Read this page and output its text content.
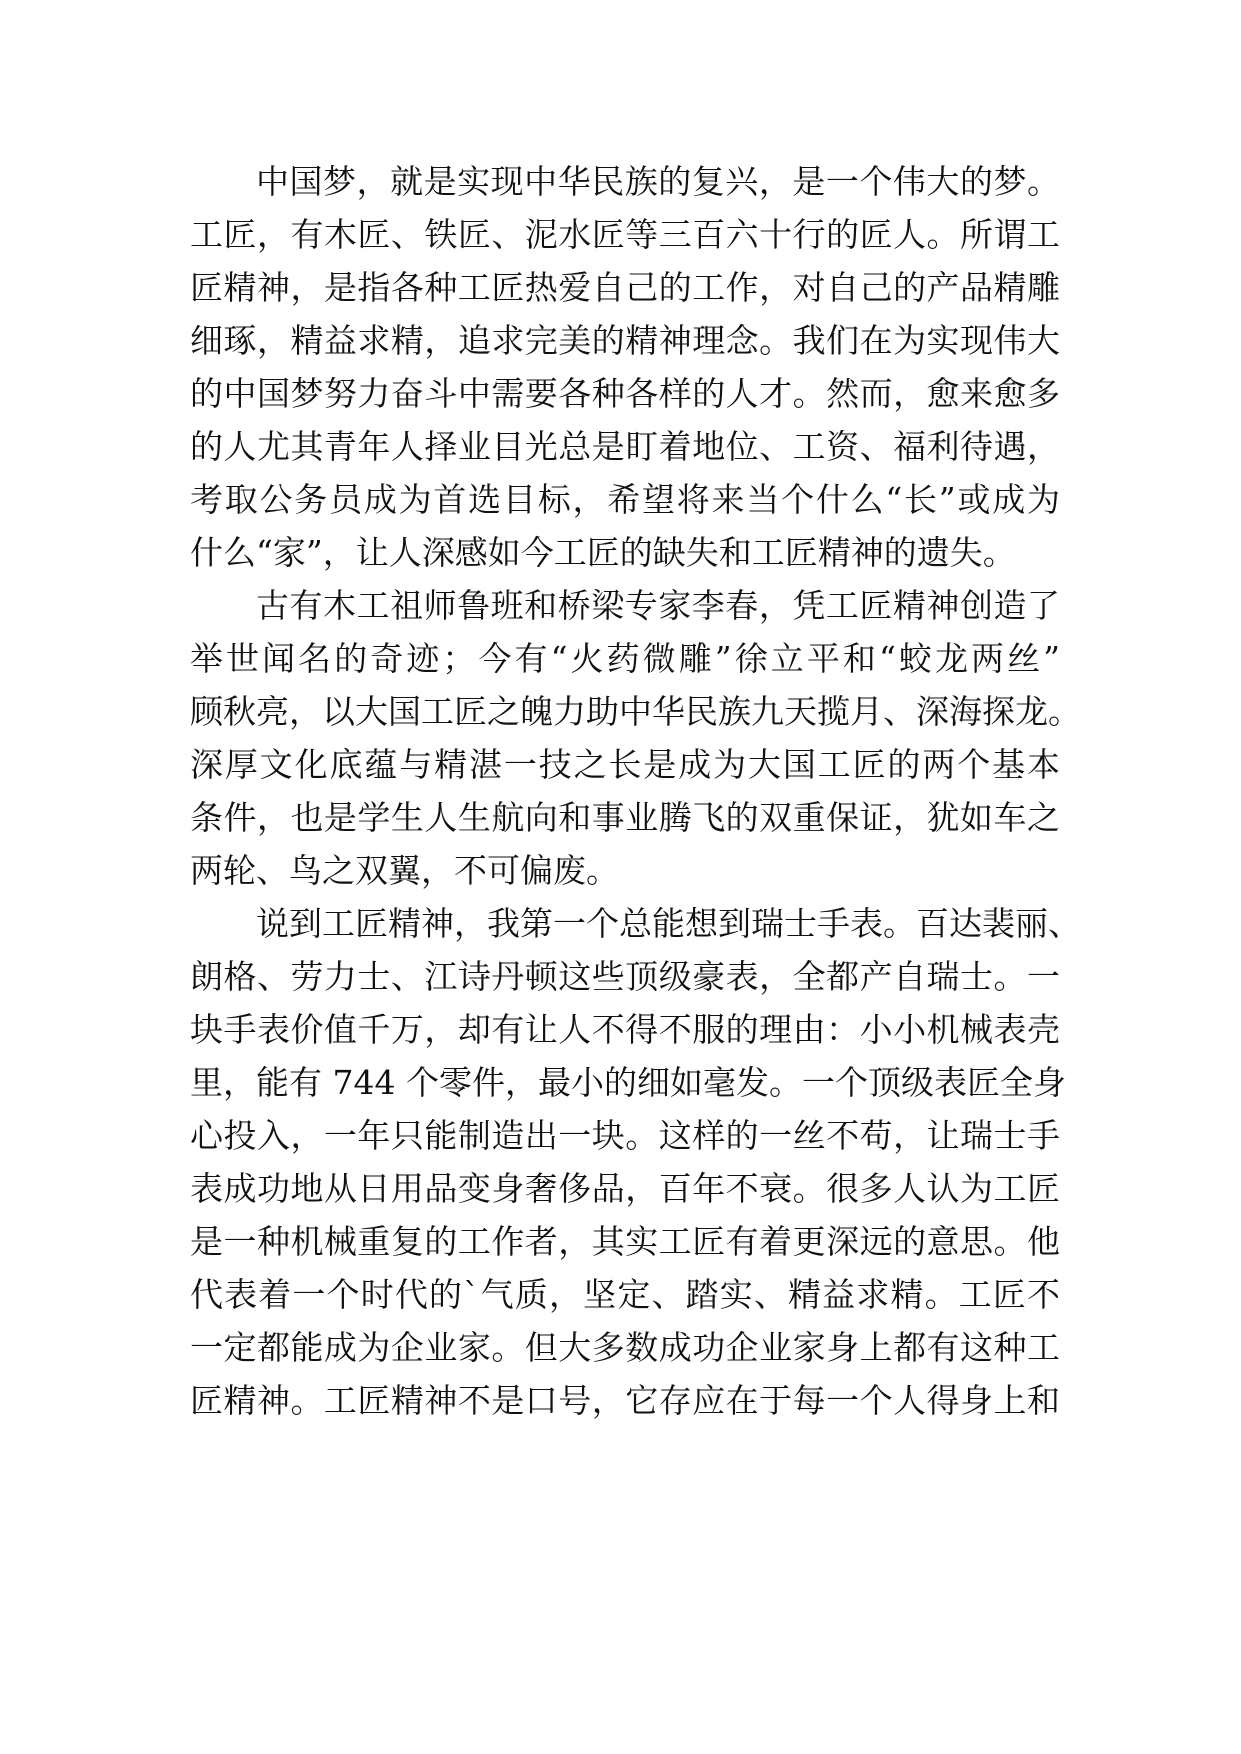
中国梦，就是实现中华民族的复兴，是一个伟大的梦。
工匠，有木匠、铁匠、泥水匠等三百六十行的匠人。所谓工
匠精神，是指各种工匠热爱自己的工作，对自己的产品精雕
细琢，精益求精，追求完美的精神理念。我们在为实现伟大
的中国梦努力奋斗中需要各种各样的人才。然而，愈来愈多
的人尤其青年人择业目光总是盯着地位、工资、福利待遇，
考取公务员成为首选目标，希望将来当个什么“长”或成为
什么“家”，让人深感如今工匠的缺失和工匠精神的遗失。
古有木工祖师鲁班和桥梁专家李春，凭工匠精神创造了
举世闻名的奇迹；今有“火药微雕”徐立平和“蛟龙两丝”
顾秋亮，以大国工匠之魄力助中华民族九天揽月、深海探龙。
深厚文化底蕴与精湛一技之长是成为大国工匠的两个基本
条件，也是学生人生航向和事业腾飞的双重保证，犹如车之
两轮、鸟之双翼，不可偏废。
说到工匠精神，我第一个总能想到瑞士手表。百达裴丽、
朗格、劳力士、江诗丹顿这些顶级豪表，全都产自瑞士。一
块手表价值千万，却有让人不得不服的理由：小小机械表壳
里，能有 744 个零件，最小的细如毫发。一个顶级表匠全身
心投入，一年只能制造出一块。这样的一丝不苟，让瑞士手
表成功地从日用品变身奢侈品，百年不衰。很多人认为工匠
是一种机械重复的工作者，其实工匠有着更深远的意思。他
代表着一个时代的`气质，坚定、踏实、精益求精。工匠不
一定都能成为企业家。但大多数成功企业家身上都有这种工
匠精神。工匠精神不是口号，它存应在于每一个人得身上和
